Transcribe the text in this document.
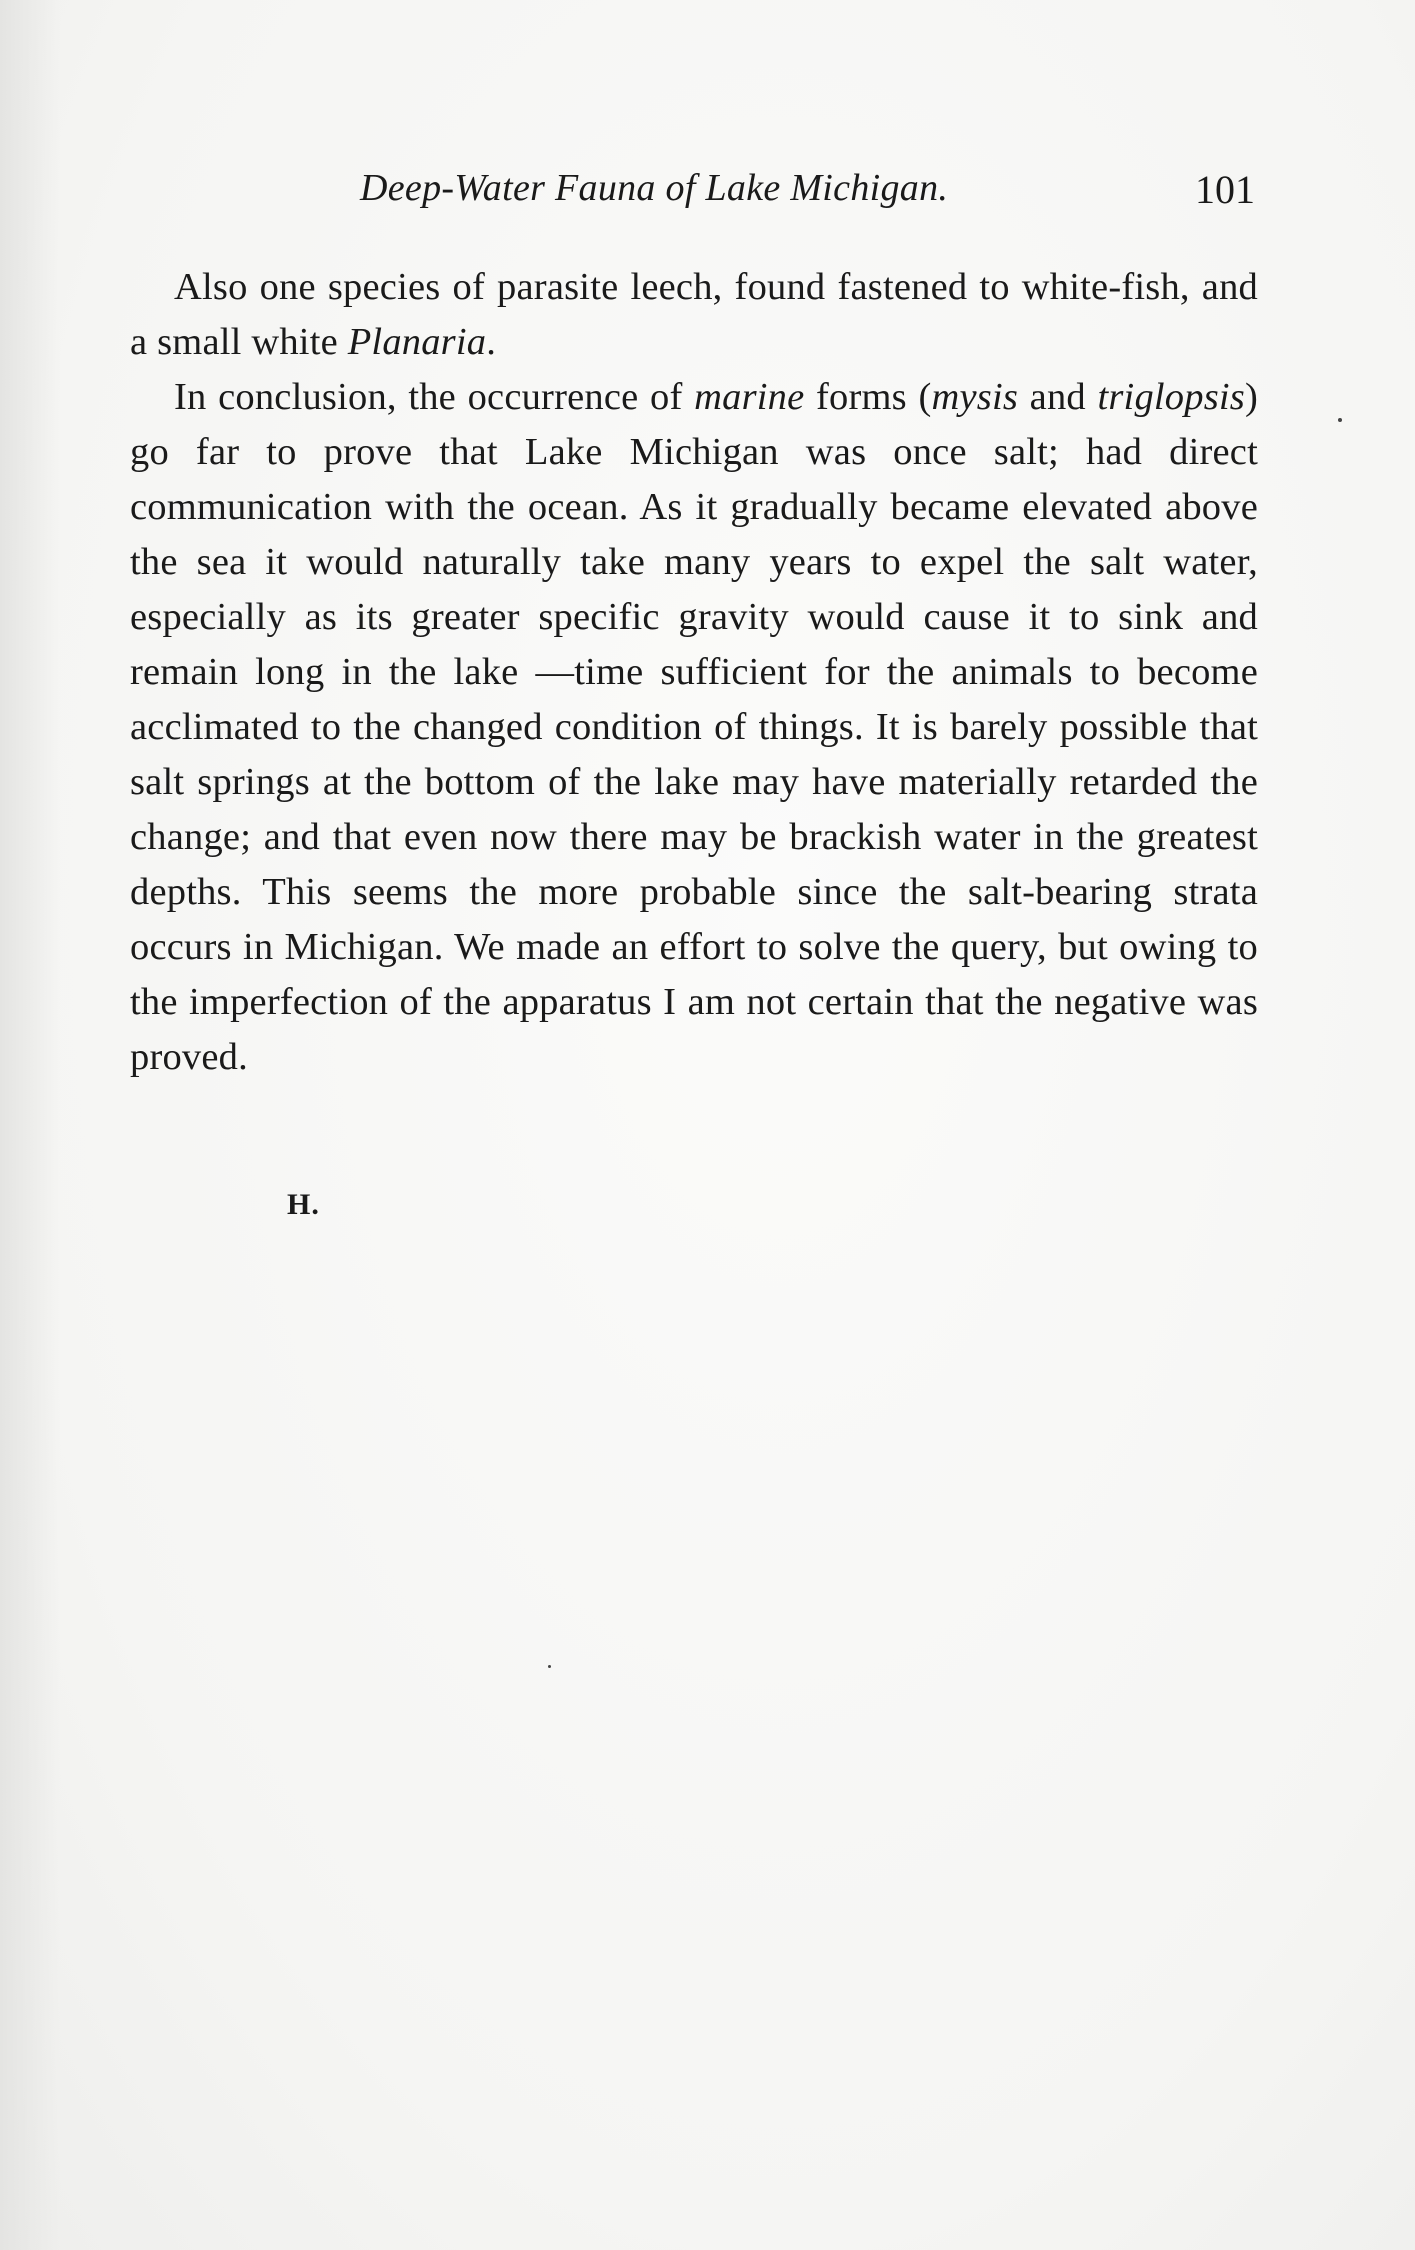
Deep-Water Fauna of Lake Michigan.	101

Also one species of parasite leech, found fastened to white-fish, and a small white Planaria.

In conclusion, the occurrence of marine forms (mysis and triglopsis) go far to prove that Lake Michigan was once salt; had direct communication with the ocean. As it gradually became elevated above the sea it would naturally take many years to expel the salt water, especially as its greater specific gravity would cause it to sink and remain long in the lake —time sufficient for the animals to become acclimated to the changed condition of things. It is barely possible that salt springs at the bottom of the lake may have materially retarded the change; and that even now there may be brackish water in the greatest depths. This seems the more probable since the salt-bearing strata occurs in Michigan. We made an effort to solve the query, but owing to the imperfection of the apparatus I am not certain that the negative was proved.

H.
